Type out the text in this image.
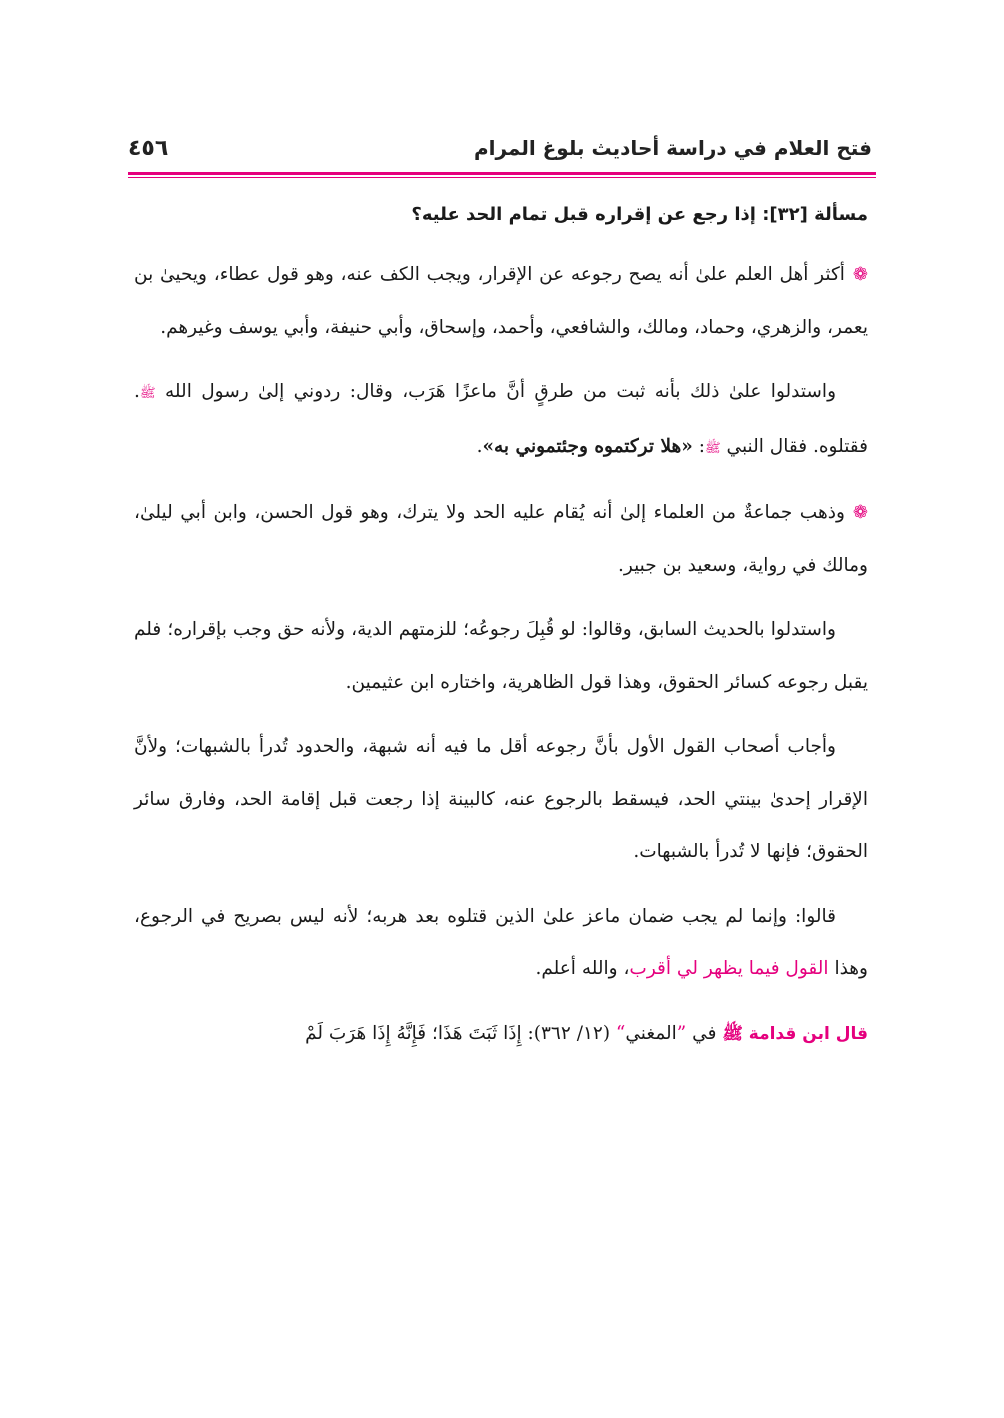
فتح العلام في دراسة أحاديث بلوغ المرام
٤٥٦
مسألة [٣٢]: إذا رجع عن إقراره قبل تمام الحد عليه؟

❁أكثر أهل العلم علىٰ أنه يصح رجوعه عن الإقرار، ويجب الكف عنه، وهو قول عطاء، ويحيىٰ بن يعمر، والزهري، وحماد، ومالك، والشافعي، وأحمد، وإسحاق، وأبي حنيفة، وأبي يوسف وغيرهم.

واستدلوا علىٰ ذلك بأنه ثبت من طرقٍ أنَّ ماعزًا هَرَب، وقال: ردوني إلىٰ رسول الله ﷺ. فقتلوه. فقال النبي ﷺ: «هلا تركتموه وجئتموني به».

❁وذهب جماعةٌ من العلماء إلىٰ أنه يُقام عليه الحد ولا يترك، وهو قول الحسن، وابن أبي ليلىٰ، ومالك في رواية، وسعيد بن جبير.

واستدلوا بالحديث السابق، وقالوا: لو قُبِلَ رجوعُه؛ للزمتهم الدية، ولأنه حق وجب بإقراره؛ فلم يقبل رجوعه كسائر الحقوق، وهذا قول الظاهرية، واختاره ابن عثيمين.

وأجاب أصحاب القول الأول بأنَّ رجوعه أقل ما فيه أنه شبهة، والحدود تُدرأ بالشبهات؛ ولأنَّ الإقرار إحدىٰ بينتي الحد، فيسقط بالرجوع عنه، كالبينة إذا رجعت قبل إقامة الحد، وفارق سائر الحقوق؛ فإنها لا تُدرأ بالشبهات.

قالوا: وإنما لم يجب ضمان ماعز علىٰ الذين قتلوه بعد هربه؛ لأنه ليس بصريح في الرجوع، وهذا القول فيما يظهر لي أقرب، والله أعلم.

قال ابن قدامة ﷺ في ”المغني“ (١٢/ ٣٦٢): إِذَا ثَبَتَ هَذَا؛ فَإِنَّهُ إِذَا هَرَبَ لَمْ
